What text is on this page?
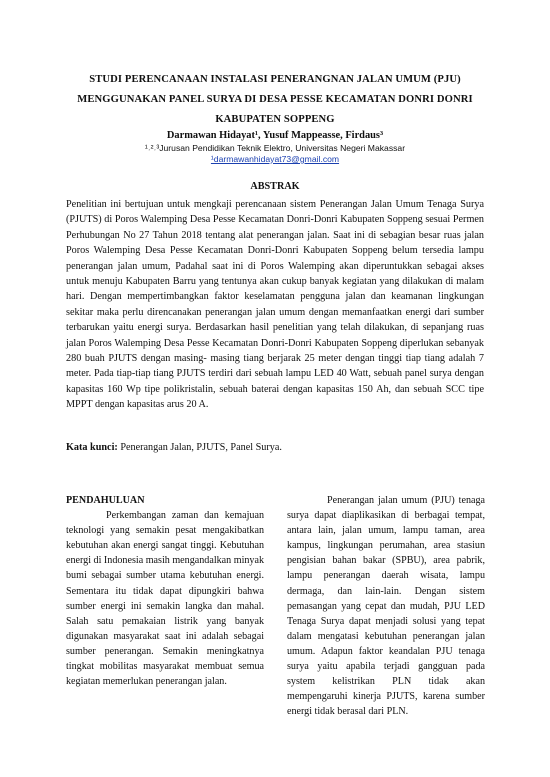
STUDI PERENCANAAN INSTALASI PENERANGNAN JALAN UMUM (PJU)
MENGGUNAKAN PANEL SURYA DI DESA PESSE KECAMATAN DONRI DONRI
KABUPATEN SOPPENG
Darmawan Hidayat¹, Yusuf Mappeasse, Firdaus³
¹˒²˒³Jurusan Pendidikan Teknik Elektro, Universitas Negeri Makassar
¹darmawanhidayat73@gmail.com
ABSTRAK

Penelitian ini bertujuan untuk mengkaji perencanaan sistem Penerangan Jalan Umum Tenaga Surya (PJUTS) di Poros Walemping Desa Pesse Kecamatan Donri-Donri Kabupaten Soppeng sesuai Permen Perhubungan No 27 Tahun 2018 tentang alat penerangan jalan. Saat ini di sebagian besar ruas jalan Poros Walemping Desa Pesse Kecamatan Donri-Donri Kabupaten Soppeng belum tersedia lampu penerangan jalan umum, Padahal saat ini di Poros Walemping akan diperuntukkan sebagai akses untuk menuju Kabupaten Barru yang tentunya akan cukup banyak kegiatan yang dilakukan di malam hari. Dengan mempertimbangkan faktor keselamatan pengguna jalan dan keamanan lingkungan sekitar maka perlu direncanakan penerangan jalan umum dengan memanfaatkan energi dari sumber terbarukan yaitu energi surya. Berdasarkan hasil penelitian yang telah dilakukan, di sepanjang ruas jalan Poros Walemping Desa Pesse Kecamatan Donri-Donri Kabupaten Soppeng diperlukan sebanyak 280 buah PJUTS dengan masing- masing tiang berjarak 25 meter dengan tinggi tiap tiang adalah 7 meter. Pada tiap-tiap tiang PJUTS terdiri dari sebuah lampu LED 40 Watt, sebuah panel surya dengan kapasitas 160 Wp tipe polikristalin, sebuah baterai dengan kapasitas 150 Ah, dan sebuah SCC tipe MPPT dengan kapasitas arus 20 A.

Kata kunci: Penerangan Jalan, PJUTS, Panel Surya.

PENDAHULUAN
Perkembangan zaman dan kemajuan teknologi yang semakin pesat mengakibatkan kebutuhan akan energi sangat tinggi. Kebutuhan energi di Indonesia masih mengandalkan minyak bumi sebagai sumber utama kebutuhan energi. Sementara itu tidak dapat dipungkiri bahwa sumber energi ini semakin langka dan mahal. Salah satu pemakaian listrik yang banyak digunakan masyarakat saat ini adalah sebagai sumber penerangan. Semakin meningkatnya tingkat mobilitas masyarakat membuat semua kegiatan memerlukan penerangan jalan.
Penerangan jalan umum (PJU) tenaga surya dapat diaplikasikan di berbagai tempat, antara lain, jalan umum, lampu taman, area kampus, lingkungan perumahan, area stasiun pengisian bahan bakar (SPBU), area pabrik, lampu penerangan daerah wisata, lampu dermaga, dan lain-lain. Dengan sistem pemasangan yang cepat dan mudah, PJU LED Tenaga Surya dapat menjadi solusi yang tepat dalam mengatasi kebutuhan penerangan jalan umum. Adapun faktor keandalan PJU tenaga surya yaitu apabila terjadi gangguan pada system kelistrikan PLN tidak akan mempengaruhi kinerja PJUTS, karena sumber energi tidak berasal dari PLN.
